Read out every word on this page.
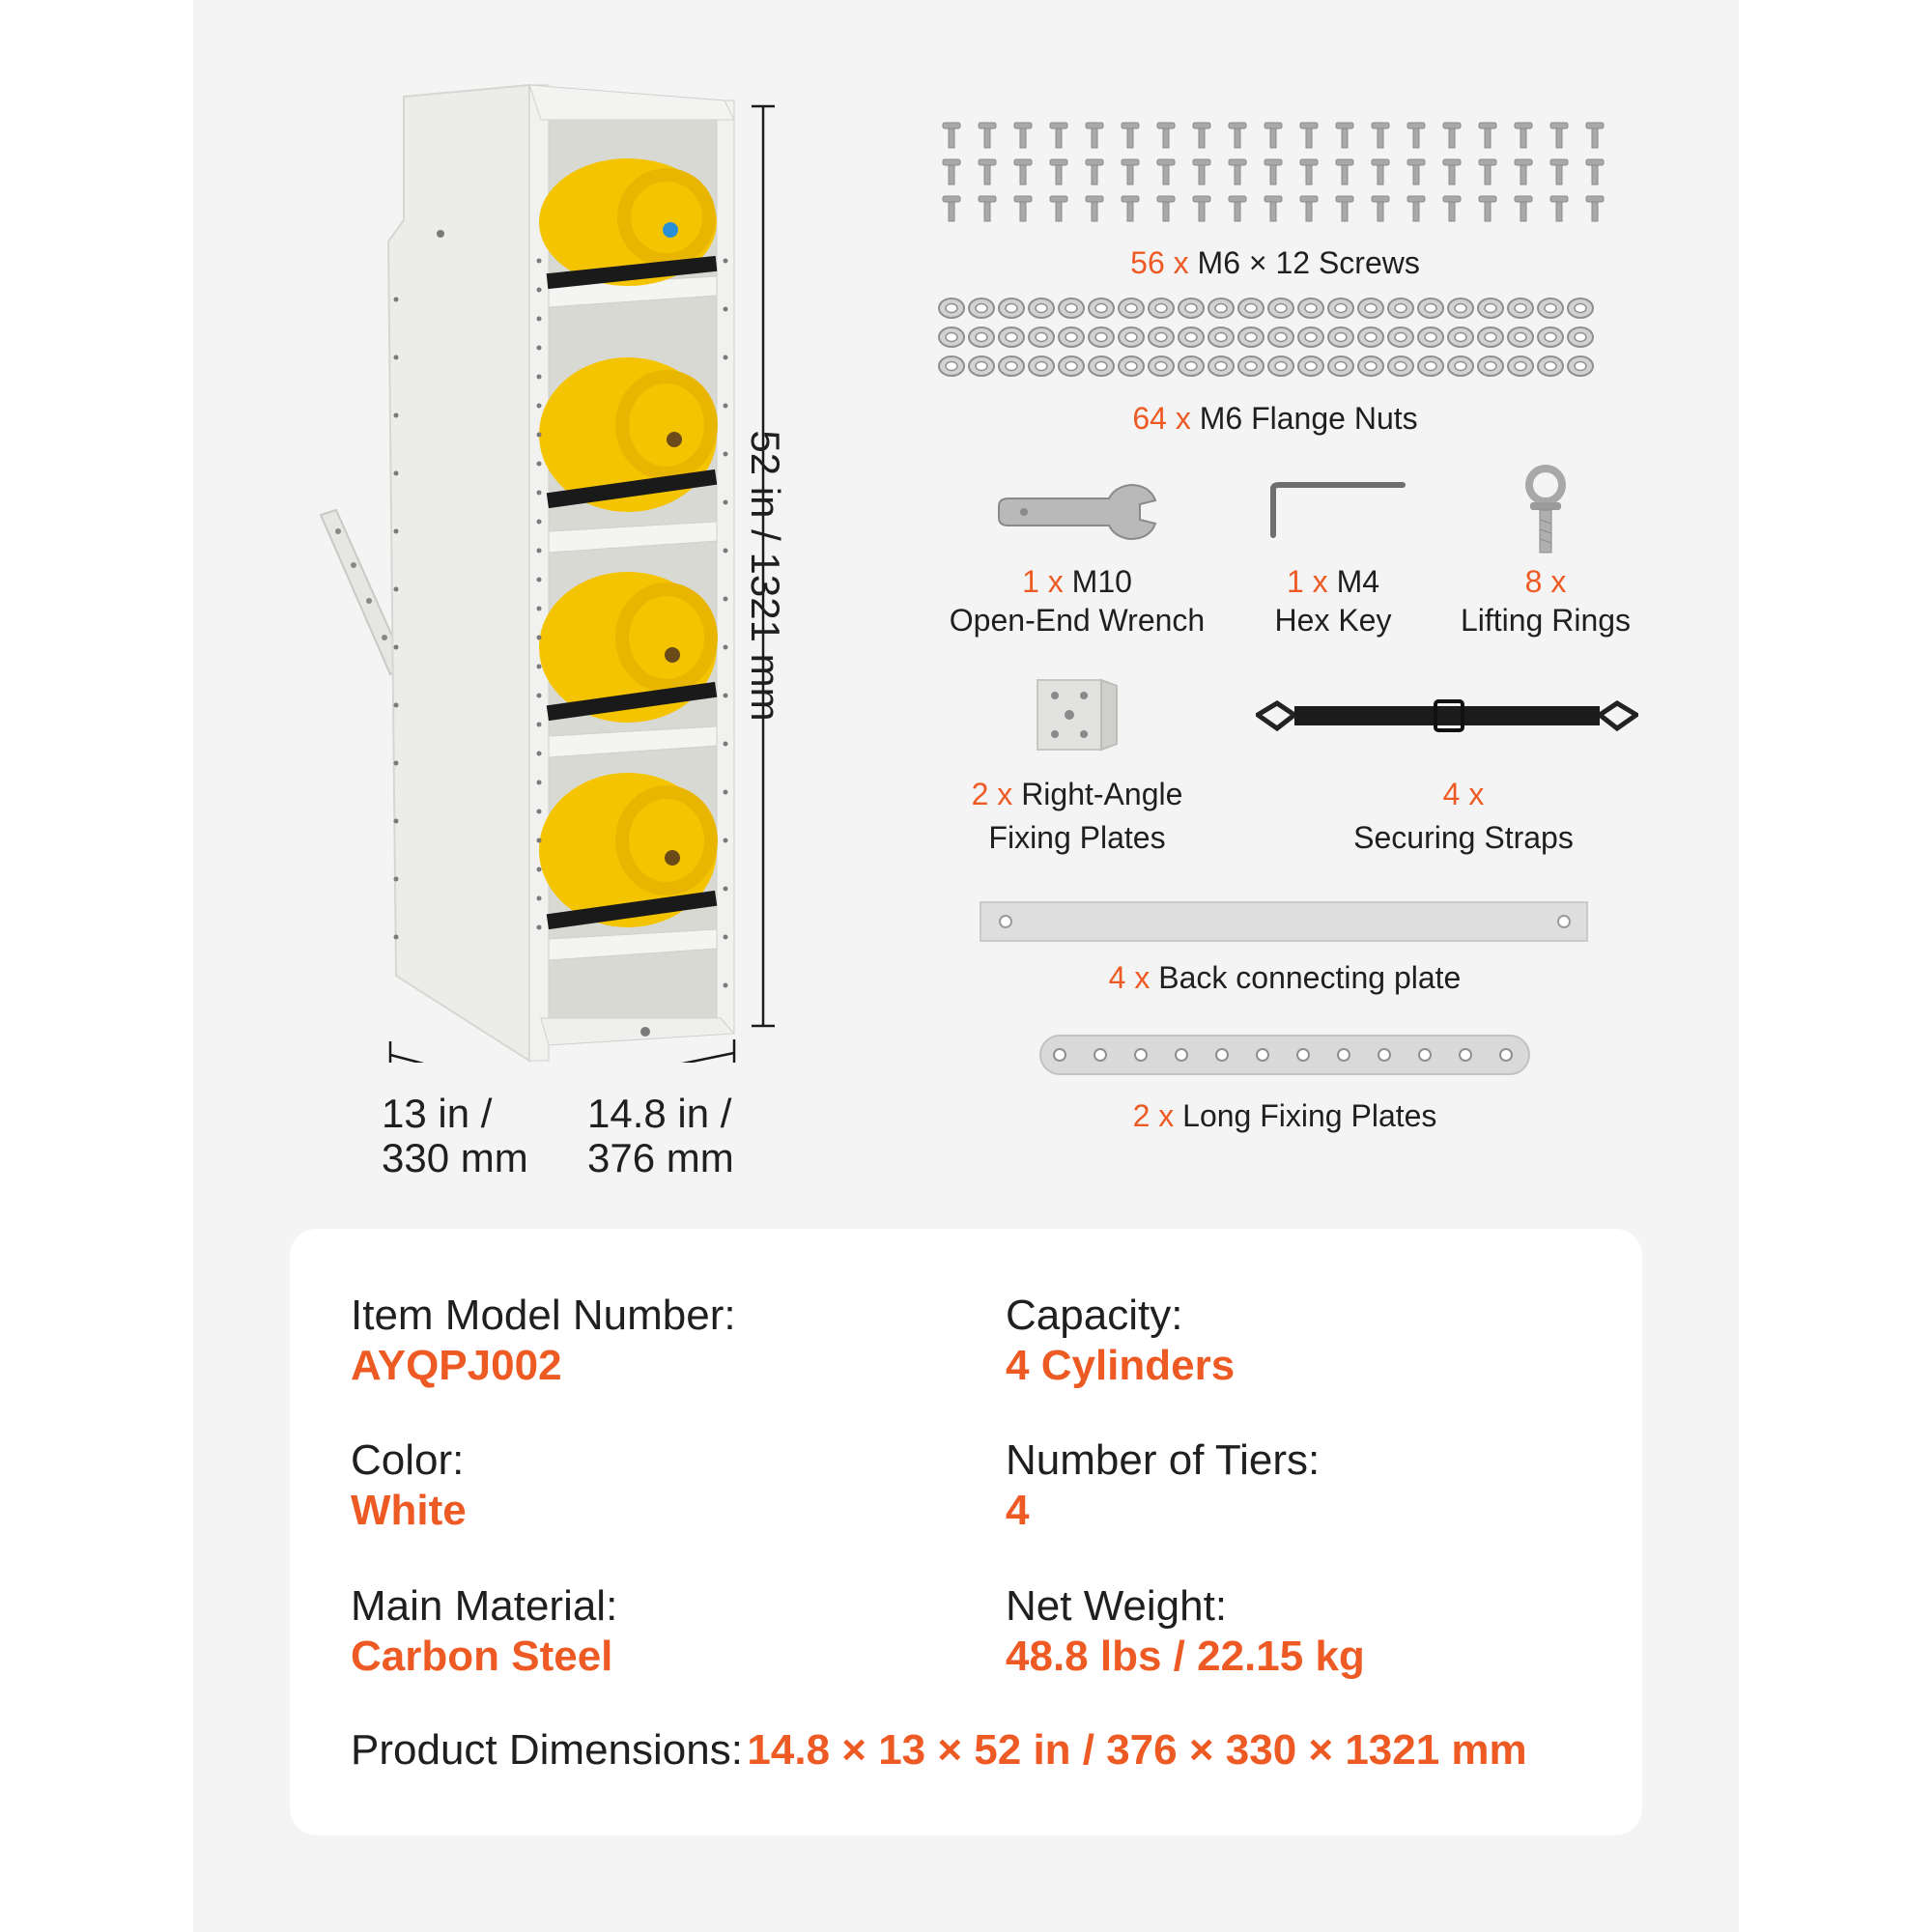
52 in / 1321 mm
13 in /
330 mm
14.8 in /
376 mm
56 x M6 × 12 Screws
64 x M6 Flange Nuts
1 x M10
Open-End Wrench
1 x M4
Hex Key
8 x
Lifting Rings
2 x Right-Angle
Fixing Plates
4 x
Securing Straps
4 x Back connecting plate
2 x Long Fixing Plates
Item Model Number:
AYQPJ002
Capacity:
4 Cylinders
Color:
White
Number of Tiers:
4
Main Material:
Carbon Steel
Net Weight:
48.8 lbs / 22.15 kg
Product Dimensions: 14.8 × 13 × 52 in / 376 × 330 × 1321 mm
